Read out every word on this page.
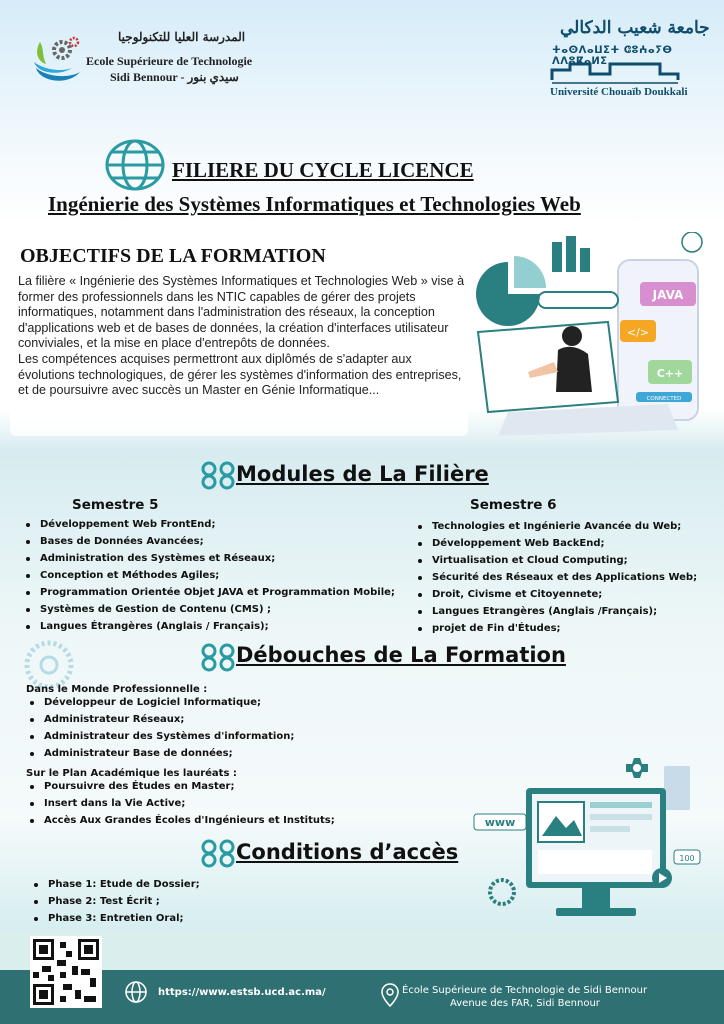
المدرسة العليا للتكنولوجيا
Ecole Supérieure de Technologie
Sidi Bennour - سيدي بنور
جامعة شعيب الدكالي
ⵜⴰⵙⴷⴰⵡⵉⵜ ⵛⵓⵄⴰⵢⴱ ⴷⴷⵓⴽⴰⵍⵉ
Université Chouaïb Doukkali
FILIERE DU CYCLE LICENCE
Ingénierie des Systèmes Informatiques et Technologies Web
OBJECTIFS DE LA FORMATION
La filière « Ingénierie des Systèmes Informatiques et Technologies Web » vise à former des professionnels dans les NTIC capables de gérer des projets informatiques, notamment dans l'administration des réseaux, la conception d'applications web et de bases de données, la création d'interfaces utilisateur conviviales, et la mise en place d'entrepôts de données.
Les compétences acquises permettront aux diplômés de s'adapter aux évolutions technologiques, de gérer les systèmes d'information des entreprises, et de poursuivre avec succès un Master en Génie Informatique...
JAVA
</>
C++
CONNECTED
Modules de La Filière
Semestre 5
Développement Web FrontEnd;
Bases de Données Avancées;
Administration des Systèmes et Réseaux;
Conception et Méthodes Agiles;
Programmation Orientée Objet JAVA et Programmation Mobile;
Systèmes de Gestion de Contenu (CMS) ;
Langues Étrangères (Anglais / Français);
Semestre 6
Technologies et Ingénierie Avancée du Web;
Développement Web BackEnd;
Virtualisation et Cloud Computing;
Sécurité des Réseaux et des Applications Web;
Droit, Civisme et Citoyennete;
Langues Etrangères (Anglais /Français);
projet de Fin d'Études;
Débouches de La Formation
Dans le Monde Professionnelle :
Développeur de Logiciel Informatique;
Administrateur Réseaux;
Administrateur des Systèmes d'information;
Administrateur Base de données;
Sur le Plan Académique les lauréats :
Poursuivre des Études en Master;
Insert dans la Vie Active;
Accès Aux Grandes Écoles d'Ingénieurs et Instituts;	www
100
Conditions d’accès
Phase 1: Etude de Dossier;
Phase 2: Test Écrit ;
Phase 3: Entretien Oral;
https://www.estsb.ucd.ac.ma/	École Supérieure de Technologie de Sidi Bennour
Avenue des FAR, Sidi Bennour
